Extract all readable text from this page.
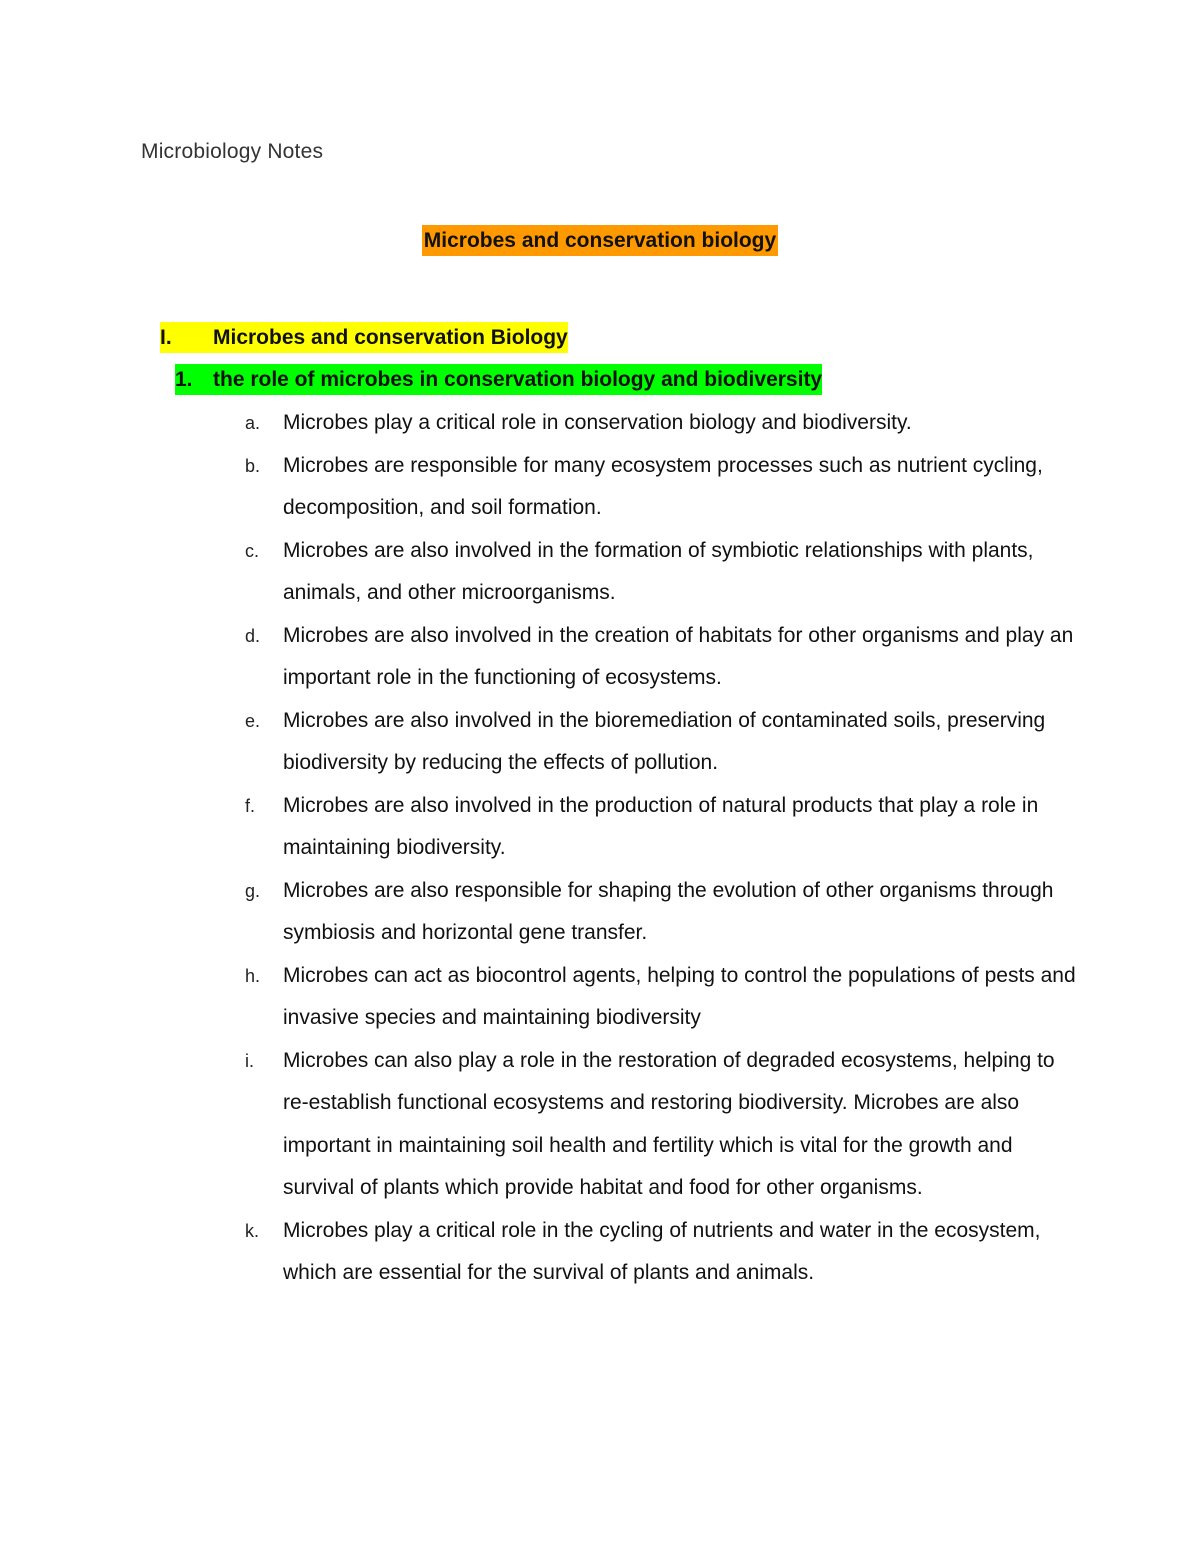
Microbiology Notes
Microbes and conservation biology
I. Microbes and conservation Biology
1. the role of microbes in conservation biology and biodiversity
a. Microbes play a critical role in conservation biology and biodiversity.
b. Microbes are responsible for many ecosystem processes such as nutrient cycling, decomposition, and soil formation.
c. Microbes are also involved in the formation of symbiotic relationships with plants, animals, and other microorganisms.
d. Microbes are also involved in the creation of habitats for other organisms and play an important role in the functioning of ecosystems.
e. Microbes are also involved in the bioremediation of contaminated soils, preserving biodiversity by reducing the effects of pollution.
f. Microbes are also involved in the production of natural products that play a role in maintaining biodiversity.
g. Microbes are also responsible for shaping the evolution of other organisms through symbiosis and horizontal gene transfer.
h. Microbes can act as biocontrol agents, helping to control the populations of pests and invasive species and maintaining biodiversity
i. Microbes can also play a role in the restoration of degraded ecosystems, helping to re-establish functional ecosystems and restoring biodiversity. Microbes are also important in maintaining soil health and fertility which is vital for the growth and survival of plants which provide habitat and food for other organisms.
k. Microbes play a critical role in the cycling of nutrients and water in the ecosystem, which are essential for the survival of plants and animals.
